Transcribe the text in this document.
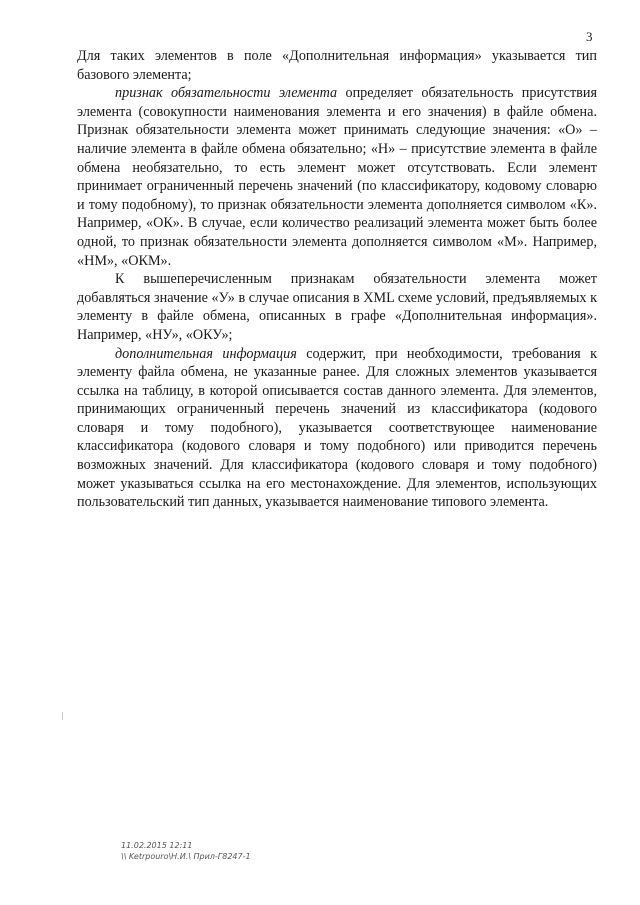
3

Для таких элементов в поле «Дополнительная информация» указывается тип базового элемента;

признак обязательности элемента определяет обязательность присутствия элемента (совокупности наименования элемента и его значения) в файле обмена. Признак обязательности элемента может принимать следующие значения: «О» – наличие элемента в файле обмена обязательно; «Н» – присутствие элемента в файле обмена необязательно, то есть элемент может отсутствовать. Если элемент принимает ограниченный перечень значений (по классификатору, кодовому словарю и тому подобному), то признак обязательности элемента дополняется символом «К». Например, «ОК». В случае, если количество реализаций элемента может быть более одной, то признак обязательности элемента дополняется символом «М». Например, «НМ», «ОКМ».

К вышеперечисленным признакам обязательности элемента может добавляться значение «У» в случае описания в XML схеме условий, предъявляемых к элементу в файле обмена, описанных в графе «Дополнительная информация». Например, «НУ», «ОКУ»;

дополнительная информация содержит, при необходимости, требования к элементу файла обмена, не указанные ранее. Для сложных элементов указывается ссылка на таблицу, в которой описывается состав данного элемента. Для элементов, принимающих ограниченный перечень значений из классификатора (кодового словаря и тому подобного), указывается соответствующее наименование классификатора (кодового словаря и тому подобного) или приводится перечень возможных значений. Для классификатора (кодового словаря и тому подобного) может указываться ссылка на его местонахождение. Для элементов, использующих пользовательский тип данных, указывается наименование типового элемента.

11.02.2015 12:11
\\ Ketrpouro\Н.И.\ Прил-Г8247-1
